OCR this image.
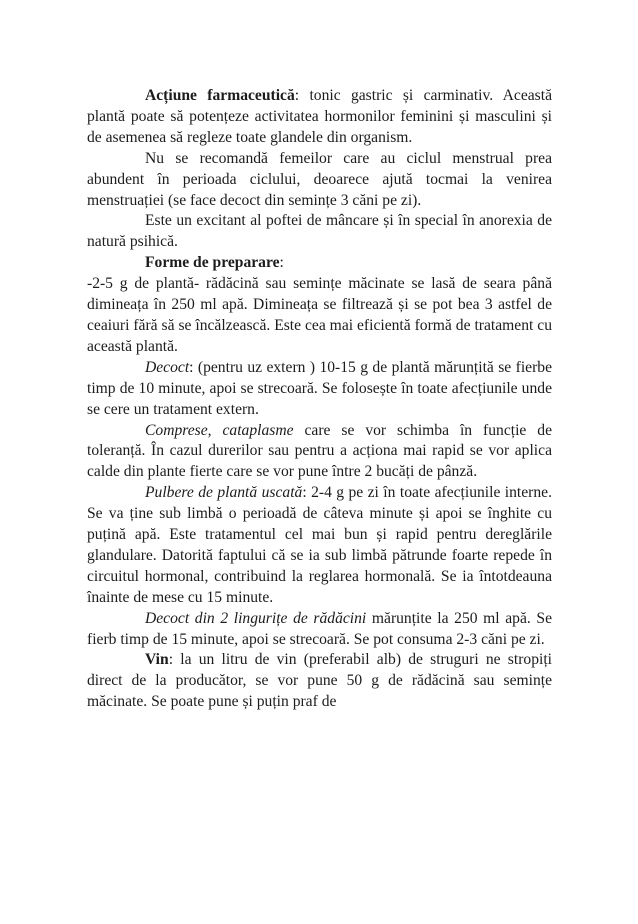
Acțiune farmaceutică: tonic gastric și carminativ. Această plantă poate să potențeze activitatea hormonilor feminini și masculini și de asemenea să regleze toate glandele din organism.

Nu se recomandă femeilor care au ciclul menstrual prea abundent în perioada ciclului, deoarece ajută tocmai la venirea menstruației (se face decoct din semințe 3 căni pe zi).

Este un excitant al poftei de mâncare și în special în anorexia de natură psihică.

Forme de preparare:

-2-5 g de plantă- rădăcină sau semințe măcinate se lasă de seara până dimineața în 250 ml apă. Dimineața se filtrează și se pot bea 3 astfel de ceaiuri fără să se încălzească. Este cea mai eficientă formă de tratament cu această plantă.

Decoct: (pentru uz extern ) 10-15 g de plantă mărunțită se fierbe timp de 10 minute, apoi se strecoară. Se folosește în toate afecțiunile unde se cere un tratament extern.

Comprese, cataplasme care se vor schimba în funcție de toleranță. În cazul durerilor sau pentru a acționa mai rapid se vor aplica calde din plante fierte care se vor pune între 2 bucăți de pânză.

Pulbere de plantă uscată: 2-4 g pe zi în toate afecțiunile interne. Se va ține sub limbă o perioadă de câteva minute și apoi se înghite cu puțină apă. Este tratamentul cel mai bun și rapid pentru dereglările glandulare. Datorită faptului că se ia sub limbă pătrunde foarte repede în circuitul hormonal, contribuind la reglarea hormonală. Se ia întotdeauna înainte de mese cu 15 minute.

Decoct din 2 lingurițe de rădăcini mărunțite la 250 ml apă. Se fierb timp de 15 minute, apoi se strecoară. Se pot consuma 2-3 căni pe zi.

Vin: la un litru de vin (preferabil alb) de struguri ne stropiți direct de la producător, se vor pune 50 g de rădăcină sau semințe măcinate. Se poate pune și puțin praf de
